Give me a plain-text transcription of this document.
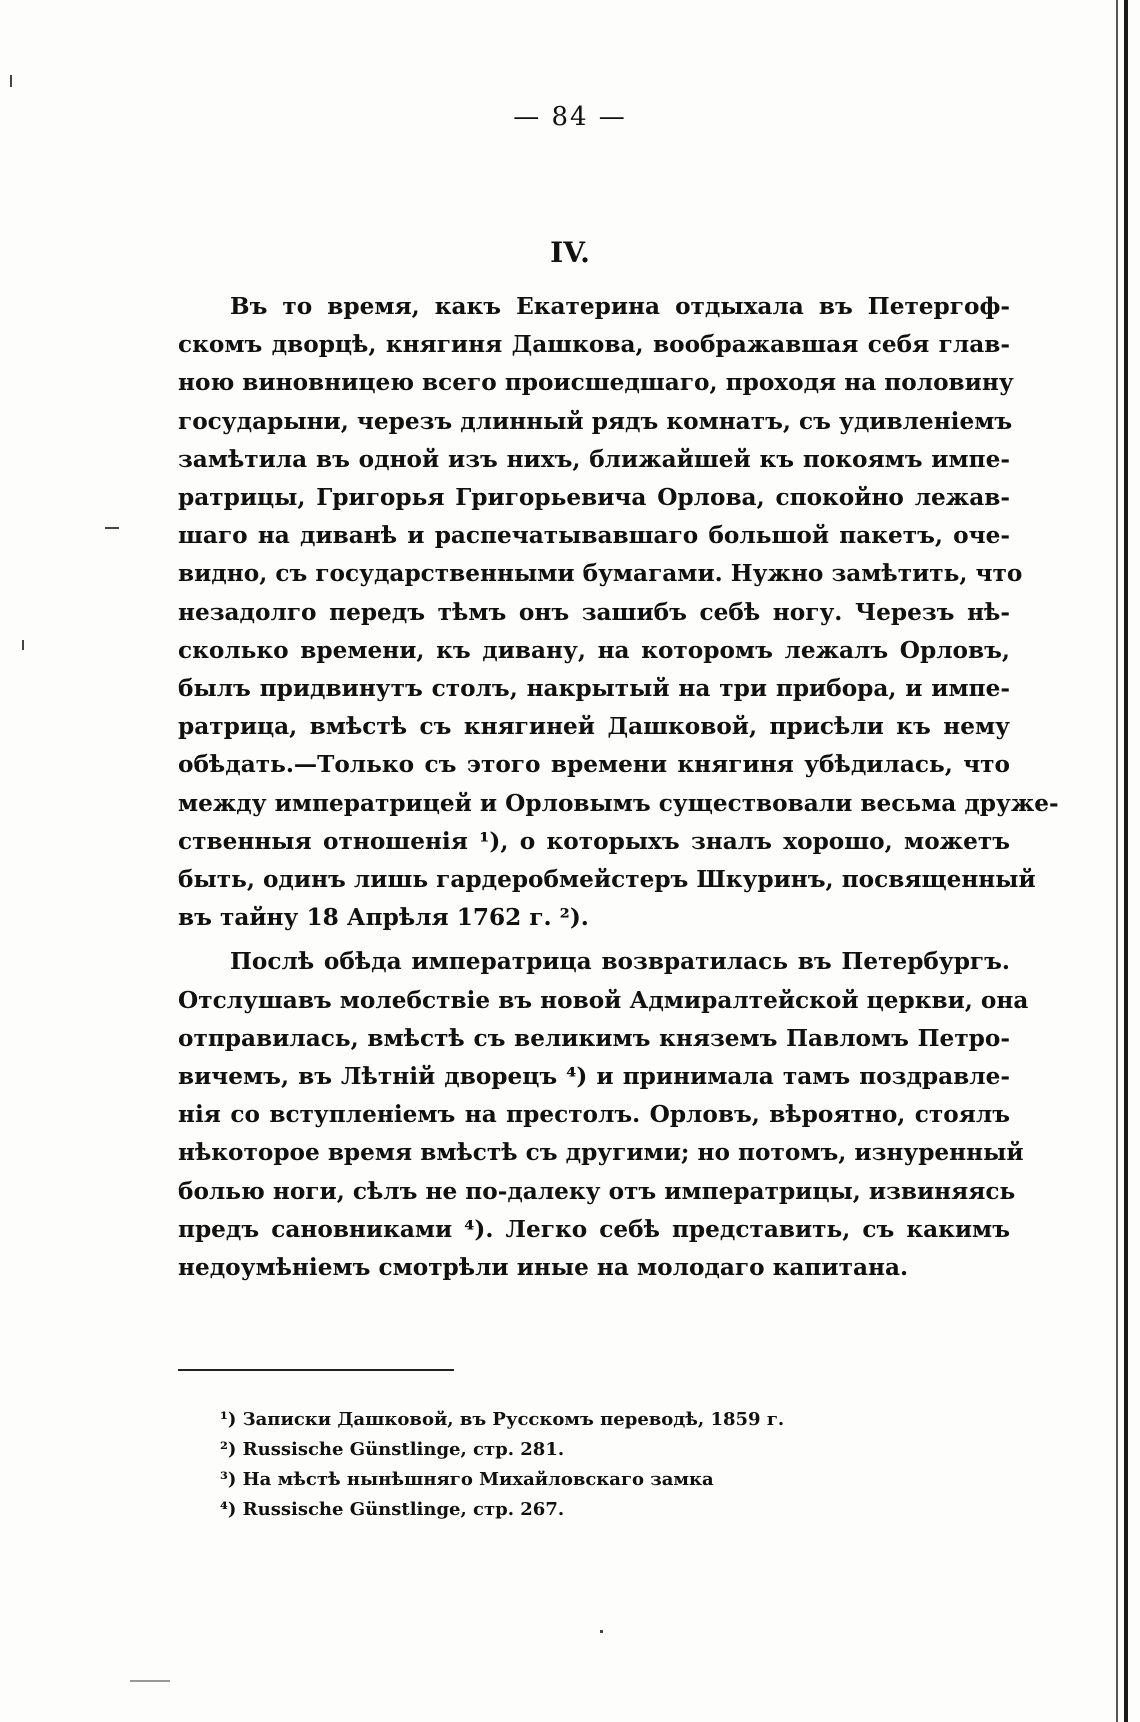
— 84 —
IV.
Въ то время, какъ Екатерина отдыхала въ Петергоф-
скомъ дворцѣ, княгиня Дашкова, воображавшая себя глав-
ною виновницею всего происшедшаго, проходя на половину
государыни, черезъ длинный рядъ комнатъ, съ удивленіемъ
замѣтила въ одной изъ нихъ, ближайшей къ покоямъ импе-
ратрицы, Григорья Григорьевича Орлова, спокойно лежав-
шаго на диванѣ и распечатывавшаго большой пакетъ, оче-
видно, съ государственными бумагами. Нужно замѣтить, что
незадолго передъ тѣмъ онъ зашибъ себѣ ногу. Черезъ нѣ-
сколько времени, къ дивану, на которомъ лежалъ Орловъ,
былъ придвинутъ столъ, накрытый на три прибора, и импе-
ратрица, вмѣстѣ съ княгиней Дашковой, присѣли къ нему
обѣдать.—Только съ этого времени княгиня убѣдилась, что
между императрицей и Орловымъ существовали весьма друже-
ственныя отношенія ¹), о которыхъ зналъ хорошо, можетъ
быть, одинъ лишь гардеробмейстеръ Шкуринъ, посвященный
въ тайну 18 Апрѣля 1762 г. ²).
Послѣ обѣда императрица возвратилась въ Петербургъ.
Отслушавъ молебствіе въ новой Адмиралтейской церкви, она
отправилась, вмѣстѣ съ великимъ княземъ Павломъ Петро-
вичемъ, въ Лѣтній дворецъ ⁴) и принимала тамъ поздравле-
нія со вступленіемъ на престолъ. Орловъ, вѣроятно, стоялъ
нѣкоторое время вмѣстѣ съ другими; но потомъ, изнуренный
болью ноги, сѣлъ не по-далеку отъ императрицы, извиняясь
предъ сановниками ⁴). Легко себѣ представить, съ какимъ
недоумѣніемъ смотрѣли иные на молодаго капитана.
¹) Записки Дашковой, въ Русскомъ переводѣ, 1859 г.
²) Russische Günstlinge, стр. 281.
³) На мѣстѣ нынѣшняго Михайловскаго замка
⁴) Russische Günstlinge, стр. 267.
